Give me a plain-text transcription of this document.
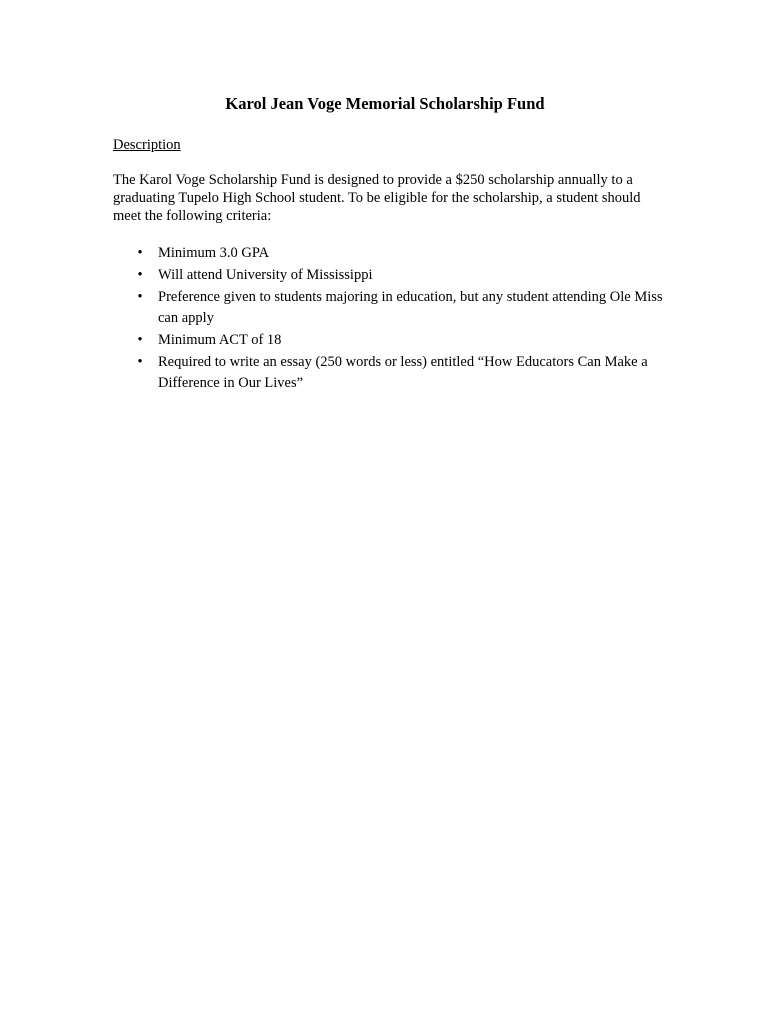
Karol Jean Voge Memorial Scholarship Fund

Description

The Karol Voge Scholarship Fund is designed to provide a $250 scholarship annually to a graduating Tupelo High School student. To be eligible for the scholarship, a student should meet the following criteria:

• Minimum 3.0 GPA
• Will attend University of Mississippi
• Preference given to students majoring in education, but any student attending Ole Miss can apply
• Minimum ACT of 18
• Required to write an essay (250 words or less) entitled “How Educators Can Make a Difference in Our Lives”
